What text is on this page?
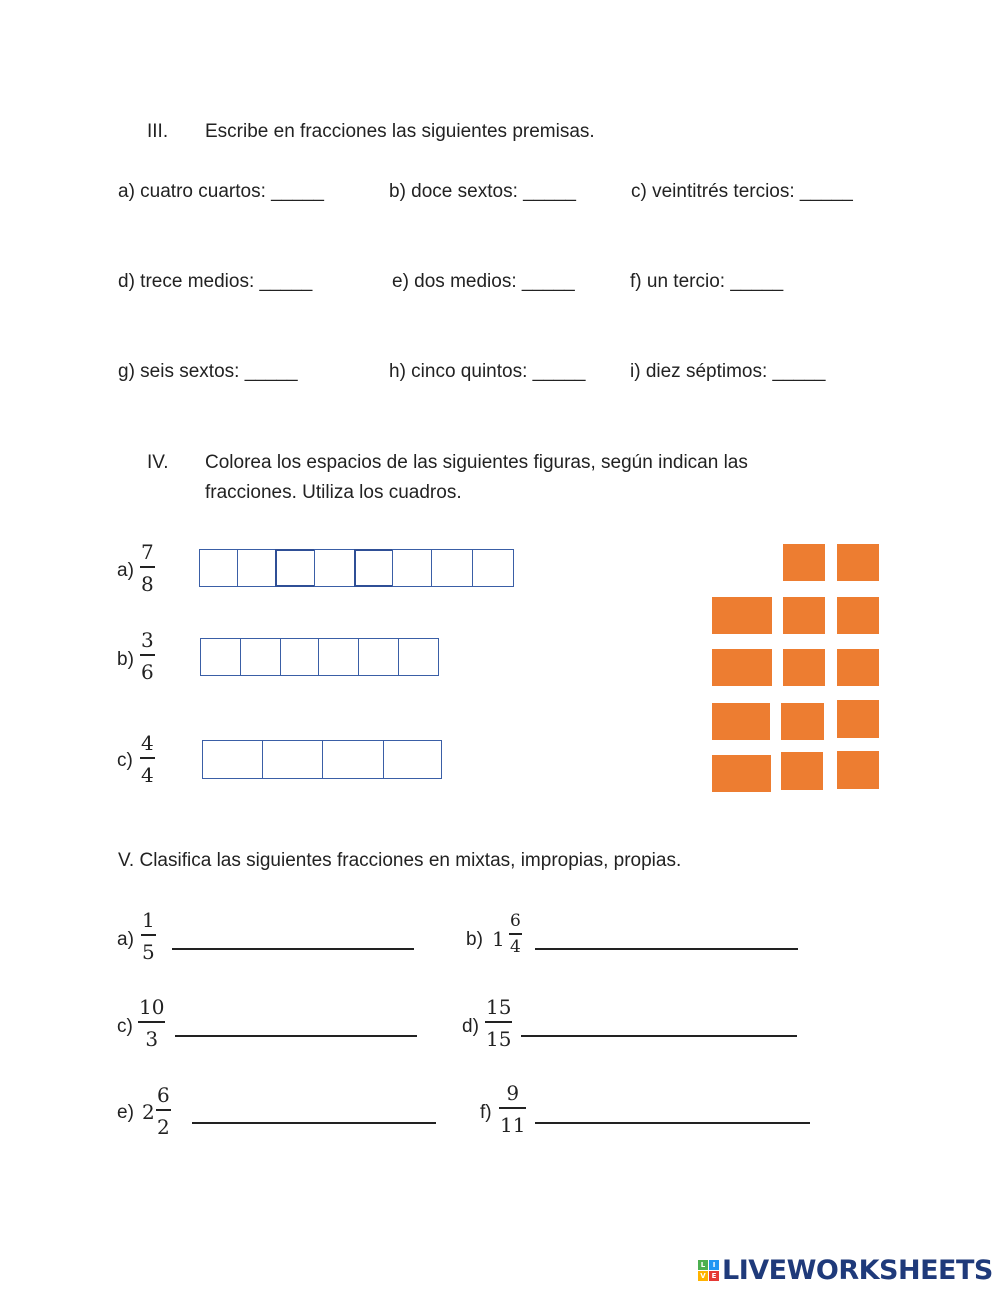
III. Escribe en fracciones las siguientes premisas.
a) cuatro cuartos: _____	b) doce sextos: _____	c) veintitrés tercios: _____
d) trece medios: _____	e) dos medios: _____	f) un tercio: _____
g) seis sextos: _____	h) cinco quintos: _____ i) diez séptimos: _____
IV. Colorea los espacios de las siguientes figuras, según indican las
fracciones. Utiliza los cuadros.
a)
7
8
b)
3
6
c)
4
4
V. Clasifica las siguientes fracciones en mixtas, impropias, propias.
a)
1
5
b) 1
6
4
c)
10
3
d)
15
15
e) 2
6
2
f)
9
11
L	I
V E LIVEWORKSHEETS
